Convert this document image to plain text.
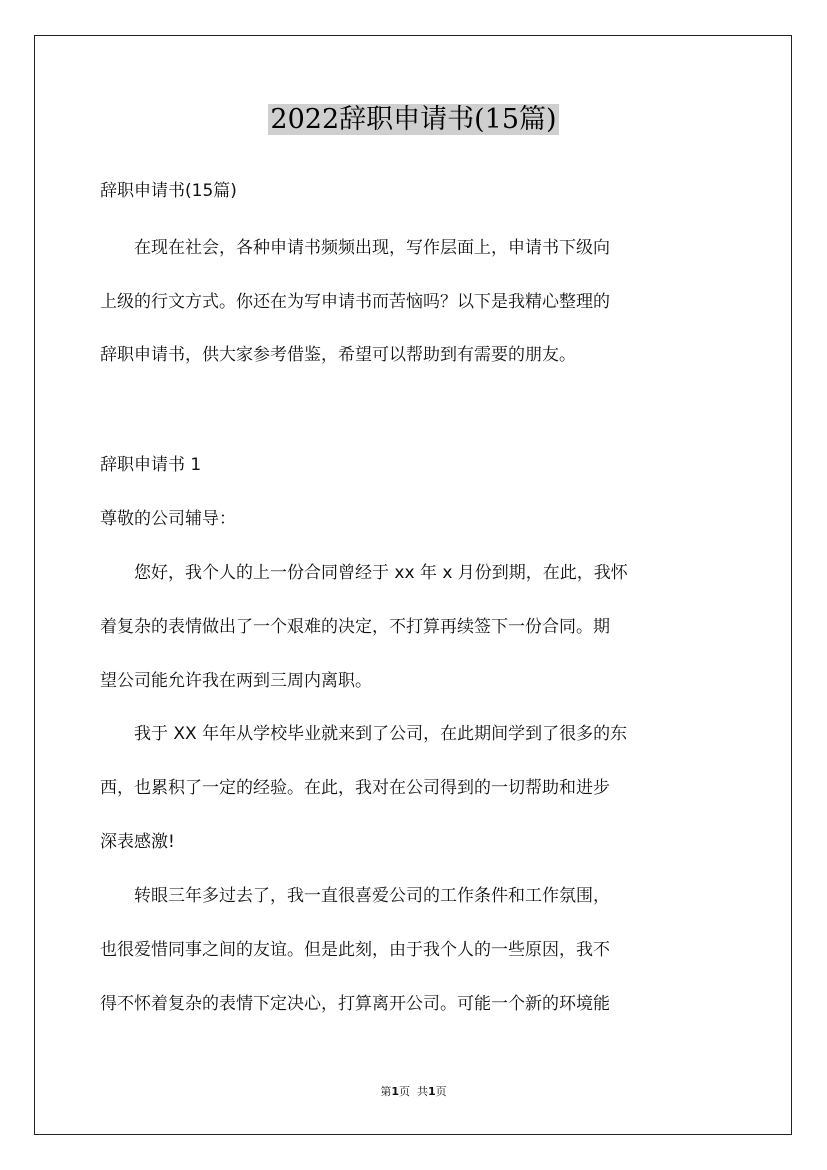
2022辞职申请书(15篇)
辞职申请书(15篇)
　　在现在社会，各种申请书频频出现，写作层面上，申请书下级向
上级的行文方式。你还在为写申请书而苦恼吗？以下是我精心整理的
辞职申请书，供大家参考借鉴，希望可以帮助到有需要的朋友。
辞职申请书 1
尊敬的公司辅导：
　　您好，我个人的上一份合同曾经于 xx 年 x 月份到期，在此，我怀
着复杂的表情做出了一个艰难的决定，不打算再续签下一份合同。期
望公司能允许我在两到三周内离职。
　　我于 XX 年年从学校毕业就来到了公司，在此期间学到了很多的东
西，也累积了一定的经验。在此，我对在公司得到的一切帮助和进步
深表感激!
　　转眼三年多过去了，我一直很喜爱公司的工作条件和工作氛围，
也很爱惜同事之间的友谊。但是此刻，由于我个人的一些原因，我不
得不怀着复杂的表情下定决心，打算离开公司。可能一个新的环境能
第1页 共1页
